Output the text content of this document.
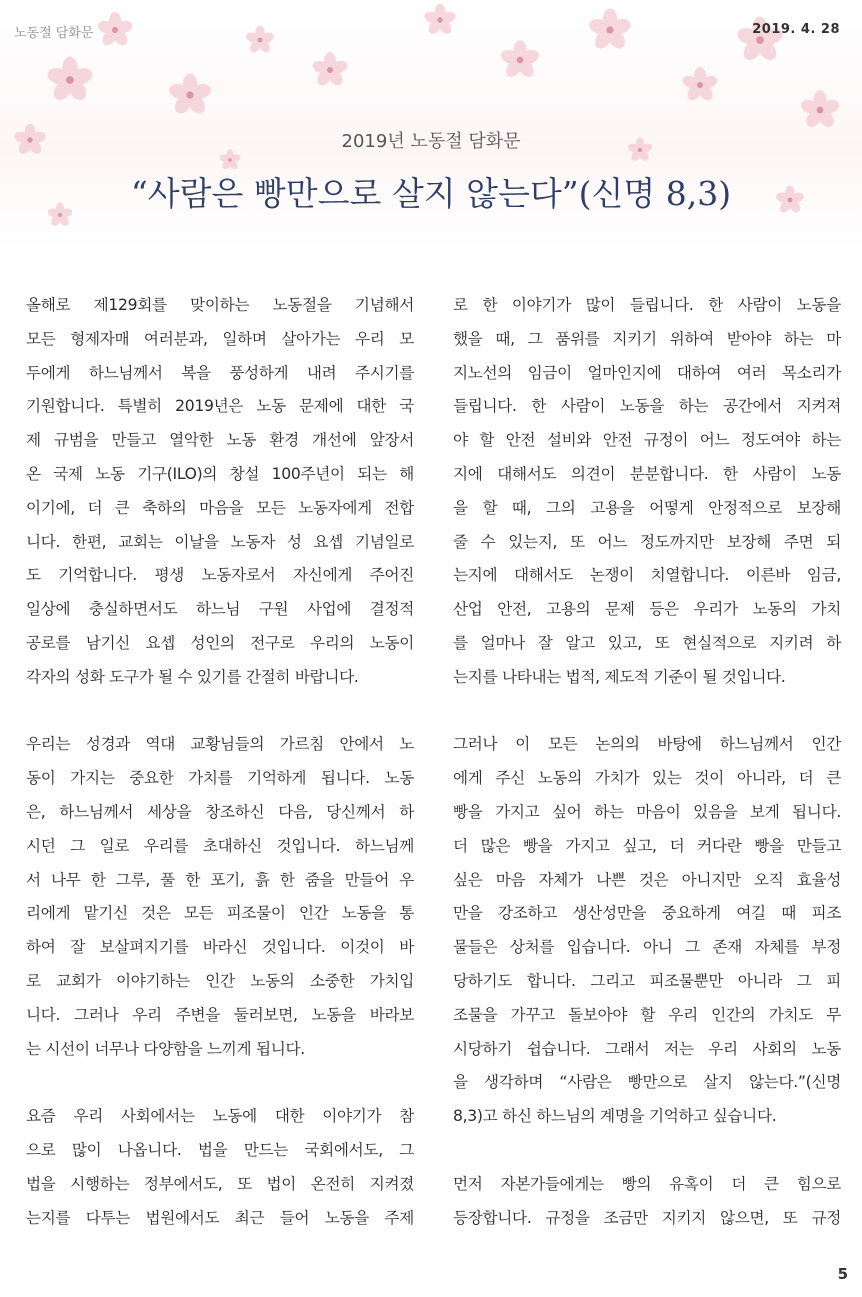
노동절 담화문	2019. 4. 28
2019년 노동절 담화문
“사람은 빵만으로 살지 않는다”(신명 8,3)
올해로 제129회를 맞이하는 노동절을 기념해서
모든 형제자매 여러분과, 일하며 살아가는 우리 모
두에게 하느님께서 복을 풍성하게 내려 주시기를
기원합니다. 특별히 2019년은 노동 문제에 대한 국
제 규범을 만들고 열악한 노동 환경 개선에 앞장서
온 국제 노동 기구(ILO)의 창설 100주년이 되는 해
이기에, 더 큰 축하의 마음을 모든 노동자에게 전합
니다. 한편, 교회는 이날을 노동자 성 요셉 기념일로
도 기억합니다. 평생 노동자로서 자신에게 주어진
일상에 충실하면서도 하느님 구원 사업에 결정적
공로를 남기신 요셉 성인의 전구로 우리의 노동이
각자의 성화 도구가 될 수 있기를 간절히 바랍니다.
우리는 성경과 역대 교황님들의 가르침 안에서 노
동이 가지는 중요한 가치를 기억하게 됩니다. 노동
은, 하느님께서 세상을 창조하신 다음, 당신께서 하
시던 그 일로 우리를 초대하신 것입니다. 하느님께
서 나무 한 그루, 풀 한 포기, 흙 한 줌을 만들어 우
리에게 맡기신 것은 모든 피조물이 인간 노동을 통
하여 잘 보살펴지기를 바라신 것입니다. 이것이 바
로 교회가 이야기하는 인간 노동의 소중한 가치입
니다. 그러나 우리 주변을 둘러보면, 노동을 바라보
는 시선이 너무나 다양함을 느끼게 됩니다.
요즘 우리 사회에서는 노동에 대한 이야기가 참
으로 많이 나옵니다. 법을 만드는 국회에서도, 그
법을 시행하는 정부에서도, 또 법이 온전히 지켜졌
는지를 다투는 법원에서도 최근 들어 노동을 주제
로 한 이야기가 많이 들립니다. 한 사람이 노동을
했을 때, 그 품위를 지키기 위하여 받아야 하는 마
지노선의 임금이 얼마인지에 대하여 여러 목소리가
들립니다. 한 사람이 노동을 하는 공간에서 지켜져
야 할 안전 설비와 안전 규정이 어느 정도여야 하는
지에 대해서도 의견이 분분합니다. 한 사람이 노동
을 할 때, 그의 고용을 어떻게 안정적으로 보장해
줄 수 있는지, 또 어느 정도까지만 보장해 주면 되
는지에 대해서도 논쟁이 치열합니다. 이른바 임금,
산업 안전, 고용의 문제 등은 우리가 노동의 가치
를 얼마나 잘 알고 있고, 또 현실적으로 지키려 하
는지를 나타내는 법적, 제도적 기준이 될 것입니다.
그러나 이 모든 논의의 바탕에 하느님께서 인간
에게 주신 노동의 가치가 있는 것이 아니라, 더 큰
빵을 가지고 싶어 하는 마음이 있음을 보게 됩니다.
더 많은 빵을 가지고 싶고, 더 커다란 빵을 만들고
싶은 마음 자체가 나쁜 것은 아니지만 오직 효율성
만을 강조하고 생산성만을 중요하게 여길 때 피조
물들은 상처를 입습니다. 아니 그 존재 자체를 부정
당하기도 합니다. 그리고 피조물뿐만 아니라 그 피
조물을 가꾸고 돌보아야 할 우리 인간의 가치도 무
시당하기 쉽습니다. 그래서 저는 우리 사회의 노동
을 생각하며 “사람은 빵만으로 살지 않는다.”(신명
8,3)고 하신 하느님의 계명을 기억하고 싶습니다.
먼저 자본가들에게는 빵의 유혹이 더 큰 힘으로
등장합니다. 규정을 조금만 지키지 않으면, 또 규정
5
